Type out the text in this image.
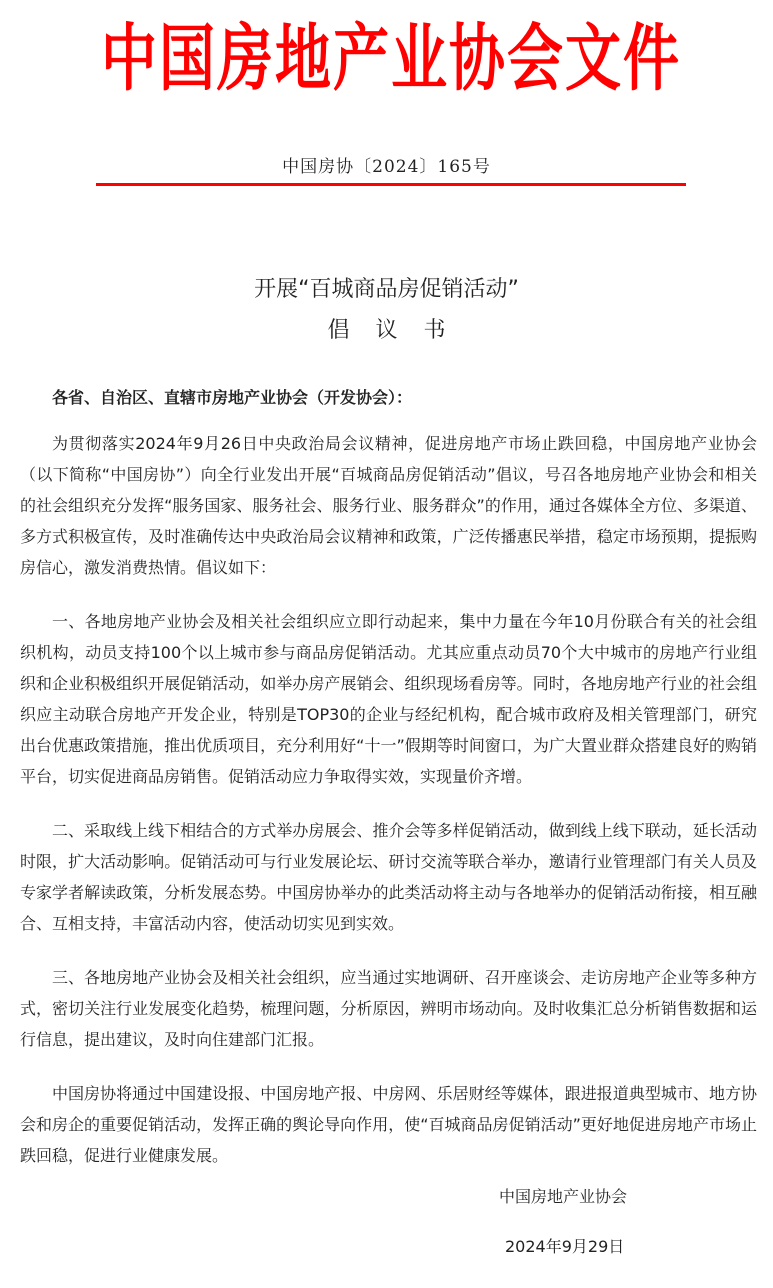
中国房地产业协会文件
中国房协〔2024〕165号
开展“百城商品房促销活动”
倡议书
各省、自治区、直辖市房地产业协会（开发协会）：

为贯彻落实2024年9月26日中央政治局会议精神，促进房地产市场止跌回稳，中国房地产业协会（以下简称“中国房协”）向全行业发出开展“百城商品房促销活动”倡议，号召各地房地产业协会和相关的社会组织充分发挥“服务国家、服务社会、服务行业、服务群众”的作用，通过各媒体全方位、多渠道、多方式积极宣传，及时准确传达中央政治局会议精神和政策，广泛传播惠民举措，稳定市场预期，提振购房信心，激发消费热情。倡议如下：

一、各地房地产业协会及相关社会组织应立即行动起来，集中力量在今年10月份联合有关的社会组织机构，动员支持100个以上城市参与商品房促销活动。尤其应重点动员70个大中城市的房地产行业组织和企业积极组织开展促销活动，如举办房产展销会、组织现场看房等。同时，各地房地产行业的社会组织应主动联合房地产开发企业，特别是TOP30的企业与经纪机构，配合城市政府及相关管理部门，研究出台优惠政策措施，推出优质项目，充分利用好“十一”假期等时间窗口，为广大置业群众搭建良好的购销平台，切实促进商品房销售。促销活动应力争取得实效，实现量价齐增。

二、采取线上线下相结合的方式举办房展会、推介会等多样促销活动，做到线上线下联动，延长活动时限，扩大活动影响。促销活动可与行业发展论坛、研讨交流等联合举办，邀请行业管理部门有关人员及专家学者解读政策，分析发展态势。中国房协举办的此类活动将主动与各地举办的促销活动衔接，相互融合、互相支持，丰富活动内容，使活动切实见到实效。

三、各地房地产业协会及相关社会组织，应当通过实地调研、召开座谈会、走访房地产企业等多种方式，密切关注行业发展变化趋势，梳理问题，分析原因，辨明市场动向。及时收集汇总分析销售数据和运行信息，提出建议，及时向住建部门汇报。

中国房协将通过中国建设报、中国房地产报、中房网、乐居财经等媒体，跟进报道典型城市、地方协会和房企的重要促销活动，发挥正确的舆论导向作用，使“百城商品房促销活动”更好地促进房地产市场止跌回稳，促进行业健康发展。

中国房地产业协会
2024年9月29日
